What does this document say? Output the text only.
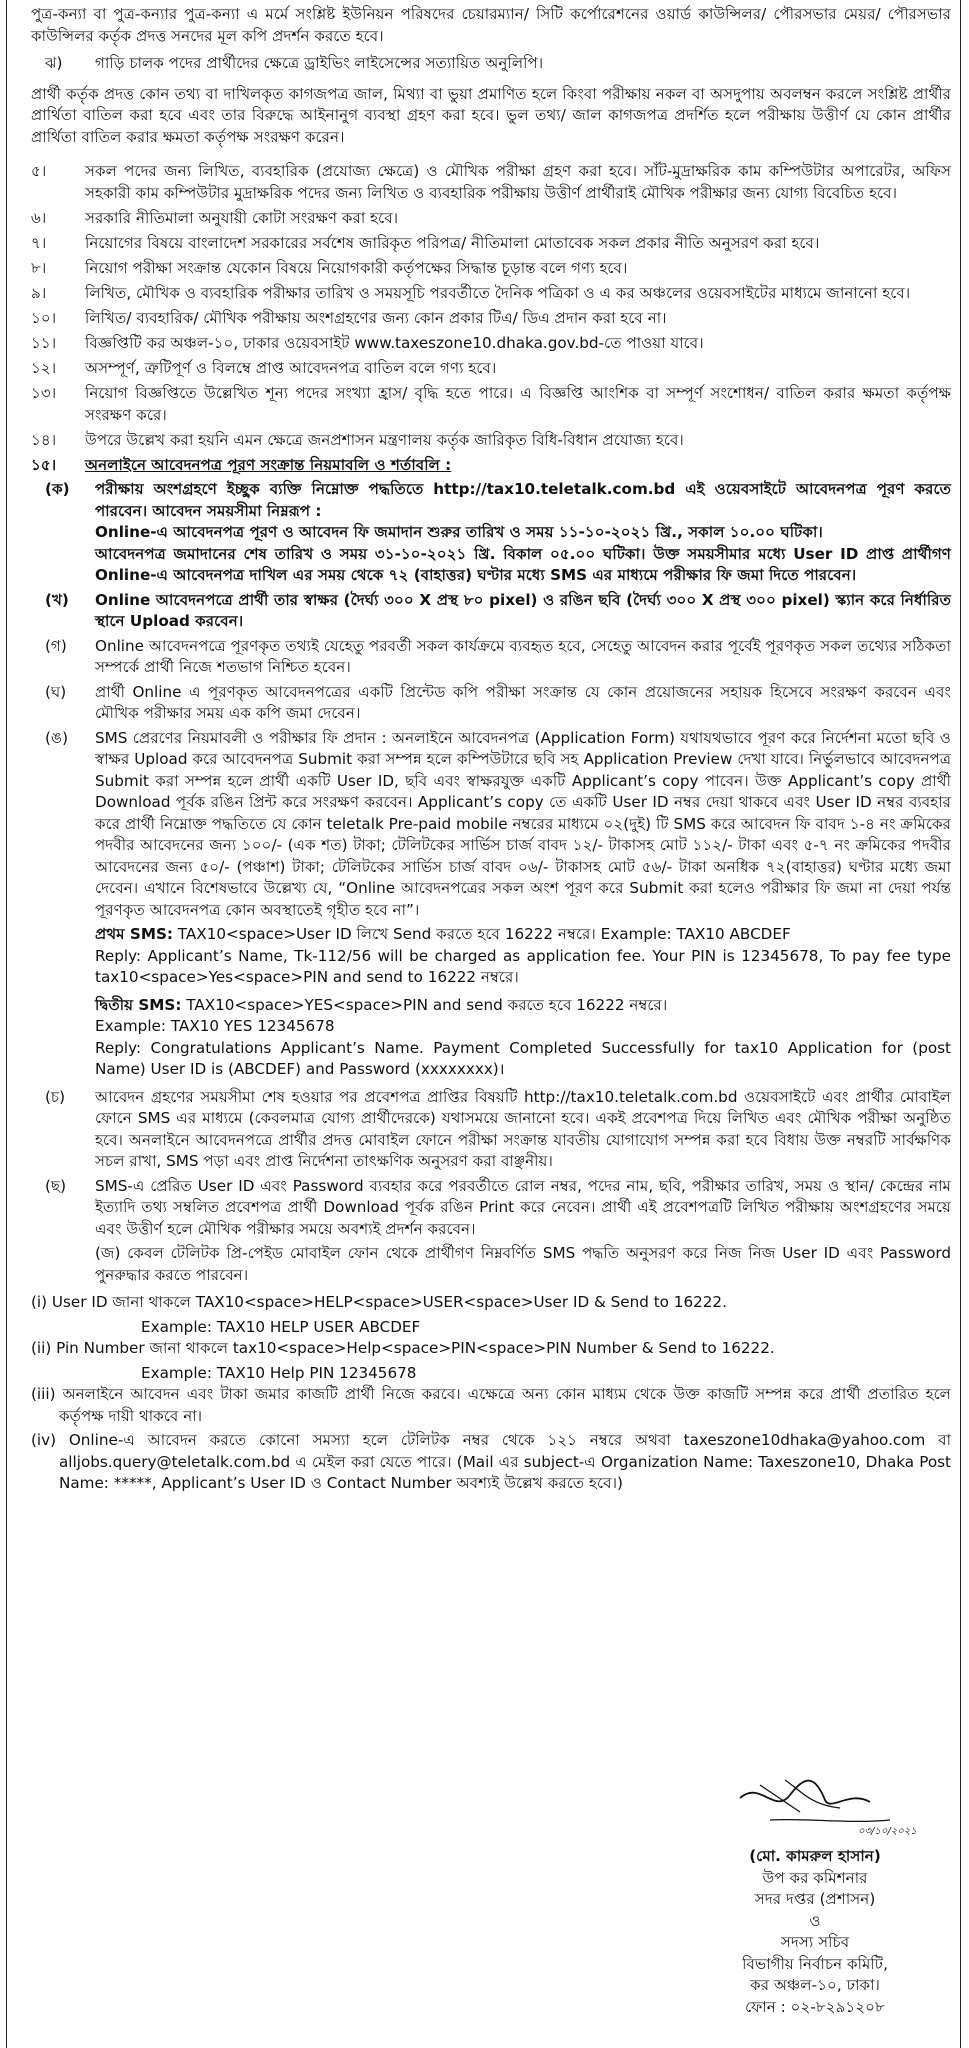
পুত্র-কন্যা বা পুত্র-কন্যার পুত্র-কন্যা এ মর্মে সংশ্লিষ্ট ইউনিয়ন পরিষদের চেয়ারম্যান/ সিটি কর্পোরেশনের ওয়ার্ড কাউন্সিলর/ পৌরসভার মেয়র/ পৌরসভার কাউন্সিলর কর্তৃক প্রদত্ত সনদের মূল কপি প্রদর্শন করতে হবে।

ঝ)	গাড়ি চালক পদের প্রার্থীদের ক্ষেত্রে ড্রাইভিং লাইসেন্সের সত্যায়িত অনুলিপি।

প্রার্থী কর্তৃক প্রদত্ত কোন তথ্য বা দাখিলকৃত কাগজপত্র জাল, মিথ্যা বা ভুয়া প্রমাণিত হলে কিংবা পরীক্ষায় নকল বা অসদুপায় অবলম্বন করলে সংশ্লিষ্ট প্রার্থীর প্রার্থিতা বাতিল করা হবে এবং তার বিরুদ্ধে আইনানুগ ব্যবস্থা গ্রহণ করা হবে। ভুল তথ্য/ জাল কাগজপত্র প্রদর্শিত হলে পরীক্ষায় উত্তীর্ণ যে কোন প্রার্থীর প্রার্থিতা বাতিল করার ক্ষমতা কর্তৃপক্ষ সংরক্ষণ করেন।

৫।	সকল পদের জন্য লিখিত, ব্যবহারিক (প্রযোজ্য ক্ষেত্রে) ও মৌখিক পরীক্ষা গ্রহণ করা হবে। সাঁট-মুদ্রাক্ষরিক কাম কম্পিউটার অপারেটর, অফিস সহকারী কাম কম্পিউটার মুদ্রাক্ষরিক পদের জন্য লিখিত ও ব্যবহারিক পরীক্ষায় উত্তীর্ণ প্রার্থীরাই মৌখিক পরীক্ষার জন্য যোগ্য বিবেচিত হবে।
৬।	সরকারি নীতিমালা অনুযায়ী কোটা সংরক্ষণ করা হবে।
৭।	নিয়োগের বিষয়ে বাংলাদেশ সরকারের সর্বশেষ জারিকৃত পরিপত্র/ নীতিমালা মোতাবেক সকল প্রকার নীতি অনুসরণ করা হবে।
৮।	নিয়োগ পরীক্ষা সংক্রান্ত যেকোন বিষয়ে নিয়োগকারী কর্তৃপক্ষের সিদ্ধান্ত চূড়ান্ত বলে গণ্য হবে।
৯।	লিখিত, মৌখিক ও ব্যবহারিক পরীক্ষার তারিখ ও সময়সূচি পরবর্তীতে দৈনিক পত্রিকা ও এ কর অঞ্চলের ওয়েবসাইটের মাধ্যমে জানানো হবে।
১০।	লিখিত/ ব্যবহারিক/ মৌখিক পরীক্ষায় অংশগ্রহণের জন্য কোন প্রকার টিএ/ ডিএ প্রদান করা হবে না।
১১।	বিজ্ঞপ্তিটি কর অঞ্চল-১০, ঢাকার ওয়েবসাইট www.taxeszone10.dhaka.gov.bd-তে পাওয়া যাবে।
১২।	অসম্পূর্ণ, ত্রুটিপূর্ণ ও বিলম্বে প্রাপ্ত আবেদনপত্র বাতিল বলে গণ্য হবে।
১৩।	নিয়োগ বিজ্ঞপ্তিতে উল্লেখিত শূন্য পদের সংখ্যা হ্রাস/ বৃদ্ধি হতে পারে। এ বিজ্ঞপ্তি আংশিক বা সম্পূর্ণ সংশোধন/ বাতিল করার ক্ষমতা কর্তৃপক্ষ সংরক্ষণ করে।
১৪।	উপরে উল্লেখ করা হয়নি এমন ক্ষেত্রে জনপ্রশাসন মন্ত্রণালয় কর্তৃক জারিকৃত বিধি-বিধান প্রযোজ্য হবে।
১৫।	অনলাইনে আবেদনপত্র পূরণ সংক্রান্ত নিয়মাবলি ও শর্তাবলি :
(ক)	পরীক্ষায় অংশগ্রহণে ইচ্ছুক ব্যক্তি নিম্নোক্ত পদ্ধতিতে http://tax10.teletalk.com.bd এই ওয়েবসাইটে আবেদনপত্র পূরণ করতে পারবেন। আবেদন সময়সীমা নিম্নরূপ :
Online-এ আবেদনপত্র পূরণ ও আবেদন ফি জমাদান শুরুর তারিখ ও সময় ১১-১০-২০২১ খ্রি., সকাল ১০.০০ ঘটিকা।
আবেদনপত্র জমাদানের শেষ তারিখ ও সময় ৩১-১০-২০২১ খ্রি. বিকাল ০৫.০০ ঘটিকা। উক্ত সময়সীমার মধ্যে User ID প্রাপ্ত প্রার্থীগণ Online-এ আবেদনপত্র দাখিল এর সময় থেকে ৭২ (বাহাত্তর) ঘণ্টার মধ্যে SMS এর মাধ্যমে পরীক্ষার ফি জমা দিতে পারবেন।
(খ)	Online আবেদনপত্রে প্রার্থী তার স্বাক্ষর (দৈর্ঘ্য ৩০০ X প্রস্থ ৮০ pixel) ও রঙিন ছবি (দৈর্ঘ্য ৩০০ X প্রস্থ ৩০০ pixel) স্ক্যান করে নির্ধারিত স্থানে Upload করবেন।
(গ)	Online আবেদনপত্রে পূরণকৃত তথ্যই যেহেতু পরবর্তী সকল কার্যক্রমে ব্যবহৃত হবে, সেহেতু আবেদন করার পূর্বেই পূরণকৃত সকল তথ্যের সঠিকতা সম্পর্কে প্রার্থী নিজে শতভাগ নিশ্চিত হবেন।
(ঘ)	প্রার্থী Online এ পূরণকৃত আবেদনপত্রের একটি প্রিন্টেড কপি পরীক্ষা সংক্রান্ত যে কোন প্রয়োজনের সহায়ক হিসেবে সংরক্ষণ করবেন এবং মৌখিক পরীক্ষার সময় এক কপি জমা দেবেন।
(ঙ)	SMS প্রেরণের নিয়মাবলী ও পরীক্ষার ফি প্রদান : অনলাইনে আবেদনপত্র (Application Form) যথাযথভাবে পূরণ করে নির্দেশনা মতো ছবি ও স্বাক্ষর Upload করে আবেদনপত্র Submit করা সম্পন্ন হলে কম্পিউটারে ছবি সহ Application Preview দেখা যাবে। নির্ভুলভাবে আবেদনপত্র Submit করা সম্পন্ন হলে প্রার্থী একটি User ID, ছবি এবং স্বাক্ষরযুক্ত একটি Applicant’s copy পাবেন। উক্ত Applicant’s copy প্রার্থী Download পূর্বক রঙিন প্রিন্ট করে সংরক্ষণ করবেন। Applicant’s copy তে একটি User ID নম্বর দেয়া থাকবে এবং User ID নম্বর ব্যবহার করে প্রার্থী নিম্নোক্ত পদ্ধতিতে যে কোন teletalk Pre-paid mobile নম্বরের মাধ্যমে ০২(দুই) টি SMS করে আবেদন ফি বাবদ ১-৪ নং ক্রমিকের পদবীর আবেদনের জন্য ১০০/- (এক শত) টাকা; টেলিটকের সার্ভিস চার্জ বাবদ ১২/- টাকাসহ মোট ১১২/- টাকা এবং ৫-৭ নং ক্রমিকের পদবীর আবেদনের জন্য ৫০/- (পঞ্চাশ) টাকা; টেলিটকের সার্ভিস চার্জ বাবদ ০৬/- টাকাসহ মোট ৫৬/- টাকা অনধিক ৭২(বাহাত্তর) ঘণ্টার মধ্যে জমা দেবেন। এখানে বিশেষভাবে উল্লেখ্য যে, “Online আবেদনপত্রের সকল অংশ পূরণ করে Submit করা হলেও পরীক্ষার ফি জমা না দেয়া পর্যন্ত পূরণকৃত আবেদনপত্র কোন অবস্থাতেই গৃহীত হবে না”।
প্রথম SMS: TAX10<space>User ID লিখে Send করতে হবে 16222 নম্বরে। Example: TAX10 ABCDEF

Reply: Applicant’s Name, Tk-112/56 will be charged as application fee. Your PIN is 12345678, To pay fee type tax10<space>Yes<space>PIN and send to 16222 নম্বরে।

দ্বিতীয় SMS: TAX10<space>YES<space>PIN and send করতে হবে 16222 নম্বরে।
Example: TAX10 YES 12345678

Reply: Congratulations Applicant’s Name. Payment Completed Successfully for tax10 Application for (post Name) User ID is (ABCDEF) and Password (xxxxxxxx)।

(চ)	আবেদন গ্রহণের সময়সীমা শেষ হওয়ার পর প্রবেশপত্র প্রাপ্তির বিষয়টি http://tax10.teletalk.com.bd ওয়েবসাইটে এবং প্রার্থীর মোবাইল ফোনে SMS এর মাধ্যমে (কেবলমাত্র যোগ্য প্রার্থীদেরকে) যথাসময়ে জানানো হবে। একই প্রবেশপত্র দিয়ে লিখিত এবং মৌখিক পরীক্ষা অনুষ্ঠিত হবে। অনলাইনে আবেদনপত্রে প্রার্থীর প্রদত্ত মোবাইল ফোনে পরীক্ষা সংক্রান্ত যাবতীয় যোগাযোগ সম্পন্ন করা হবে বিধায় উক্ত নম্বরটি সার্বক্ষণিক সচল রাখা, SMS পড়া এবং প্রাপ্ত নির্দেশনা তাৎক্ষণিক অনুসরণ করা বাঞ্ছনীয়।
(ছ)	SMS-এ প্রেরিত User ID এবং Password ব্যবহার করে পরবর্তীতে রোল নম্বর, পদের নাম, ছবি, পরীক্ষার তারিখ, সময় ও স্থান/ কেন্দ্রের নাম ইত্যাদি তথ্য সম্বলিত প্রবেশপত্র প্রার্থী Download পূর্বক রঙিন Print করে নেবেন। প্রার্থী এই প্রবেশপত্রটি লিখিত পরীক্ষায় অংশগ্রহণের সময়ে এবং উত্তীর্ণ হলে মৌখিক পরীক্ষার সময়ে অবশ্যই প্রদর্শন করবেন।

(জ) কেবল টেলিটক প্রি-পেইড মোবাইল ফোন থেকে প্রার্থীগণ নিম্নবর্ণিত SMS পদ্ধতি অনুসরণ করে নিজ নিজ User ID এবং Password পুনরুদ্ধার করতে পারবেন।

(i) User ID জানা থাকলে TAX10<space>HELP<space>USER<space>User ID & Send to 16222.

Example: TAX10 HELP USER ABCDEF

(ii) Pin Number জানা থাকলে tax10<space>Help<space>PIN<space>PIN Number & Send to 16222.

Example: TAX10 Help PIN 12345678

(iii) অনলাইনে আবেদন এবং টাকা জমার কাজটি প্রার্থী নিজে করবে। এক্ষেত্রে অন্য কোন মাধ্যম থেকে উক্ত কাজটি সম্পন্ন করে প্রার্থী প্রতারিত হলে কর্তৃপক্ষ দায়ী থাকবে না।

(iv) Online-এ আবেদন করতে কোনো সমস্যা হলে টেলিটক নম্বর থেকে ১২১ নম্বরে অথবা taxeszone10dhaka@yahoo.com বা alljobs.query@teletalk.com.bd এ মেইল করা যেতে পারে। (Mail এর subject-এ Organization Name: Taxeszone10, Dhaka Post Name: *****, Applicant’s User ID ও Contact Number অবশ্যই উল্লেখ করতে হবে।)

০৩/১০/২০২১
(মো. কামরুল হাসান)
উপ কর কমিশনার
সদর দপ্তর (প্রশাসন)
ও
সদস্য সচিব
বিভাগীয় নির্বাচন কমিটি,
কর অঞ্চল-১০, ঢাকা।
ফোন : ০২-৮২৯১২০৮
